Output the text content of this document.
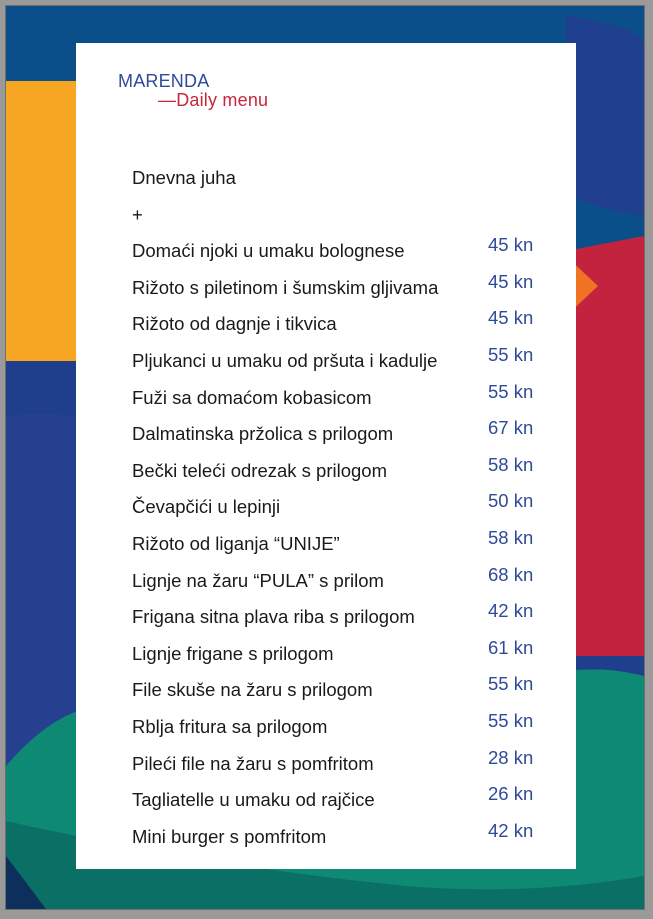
MARENDA
—Daily menu
Dnevna juha
+
Domaći njoki u umaku bolognese	45 kn
Rižoto s piletinom i šumskim gljivama	45 kn
Rižoto od dagnje i tikvica	45 kn
Pljukanci u umaku od pršuta i kadulje	55 kn
Fuži sa domaćom kobasicom	55 kn
Dalmatinska pržolica s prilogom	67 kn
Bečki teleći odrezak s prilogom	58 kn
Čevapčići u lepinji	50 kn
Rižoto od liganja “UNIJE”	58 kn
Lignje na žaru “PULA” s prilom	68 kn
Frigana sitna plava riba s prilogom	42 kn
Lignje frigane s prilogom	61 kn
File skuše na žaru s prilogom	55 kn
Rblja fritura sa prilogom	55 kn
Pileći file na žaru s pomfritom	28 kn
Tagliatelle u umaku od rajčice	26 kn
Mini burger s pomfritom	42 kn
